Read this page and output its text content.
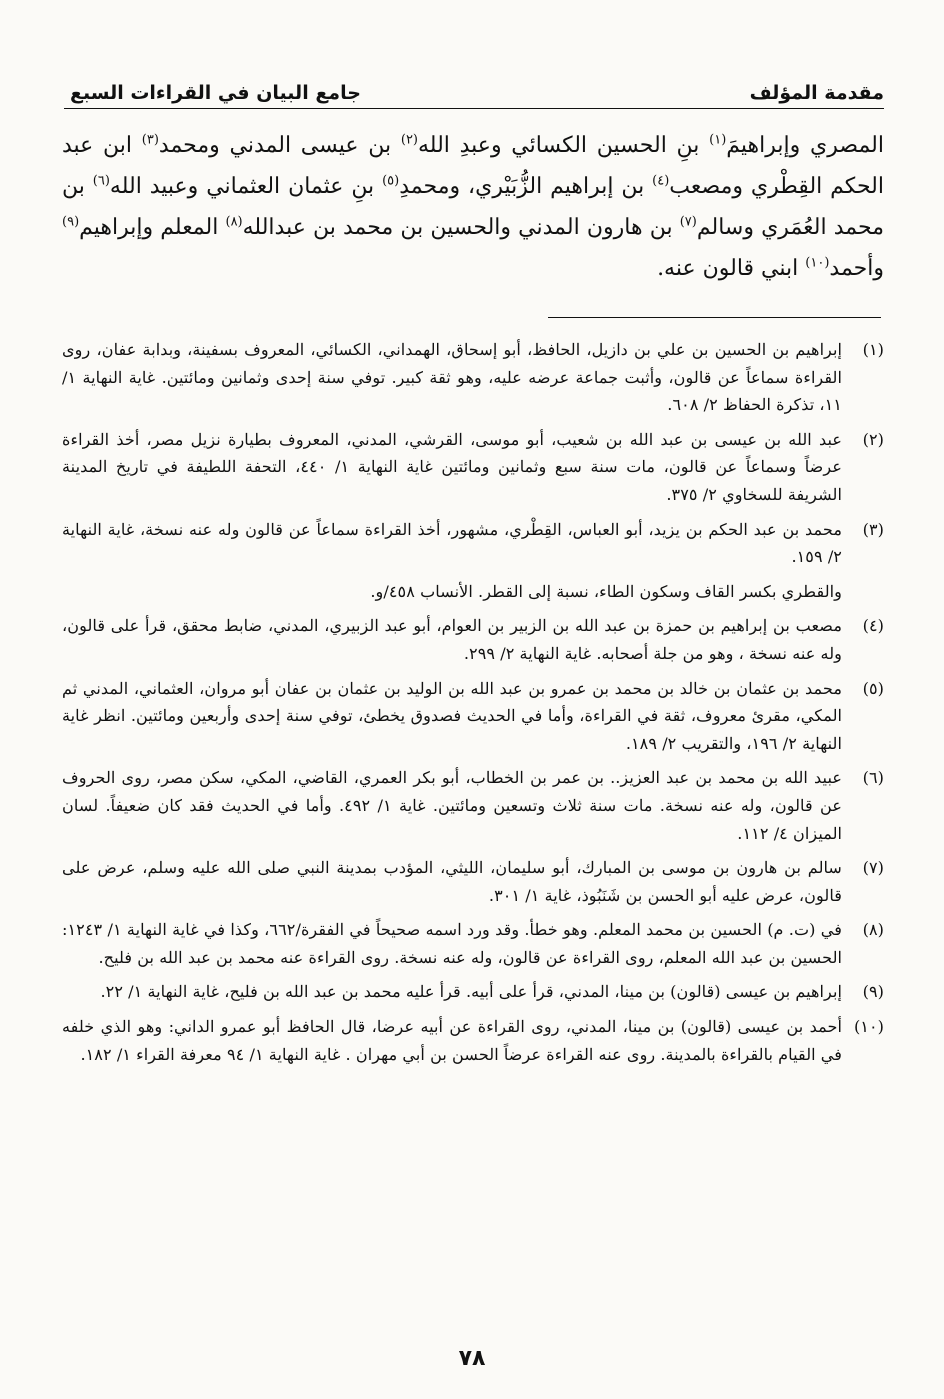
مقدمة المؤلف
جامع البيان في القراءات السبع
المصري وإبراهيمَ$^{(١)}$ بنِ الحسين الكسائي وعبدِ الله$^{(٢)}$ بن عيسى المدني ومحمد$^{(٣)}$ ابن عبد الحكم القِطْري ومصعب$^{(٤)}$ بن إبراهيم الزُّبَيْري، ومحمدِ$^{(٥)}$ بنِ عثمان العثماني وعبيد الله$^{(٦)}$ بن محمد العُمَري وسالم$^{(٧)}$ بن هارون المدني والحسين بن محمد بن عبدالله$^{(٨)}$ المعلم وإبراهيم$^{(٩)}$ وأحمد$^{(١٠)}$ ابني قالون عنه.
(١)
إبراهيم بن الحسين بن علي بن دازيل، الحافظ، أبو إسحاق، الهمداني، الكسائي، المعروف بسفينة، وبدابة عفان، روى القراءة سماعاً عن قالون، وأثبت جماعة عرضه عليه، وهو ثقة كبير. توفي سنة إحدى وثمانين ومائتين. غاية النهاية ١/ ١١، تذكرة الحفاظ ٢/ ٦٠٨.
(٢)
عبد الله بن عيسى بن عبد الله بن شعيب، أبو موسى، القرشي، المدني، المعروف بطيارة نزيل مصر، أخذ القراءة عرضاً وسماعاً عن قالون، مات سنة سبع وثمانين ومائتين غاية النهاية ١/ ٤٤٠، التحفة اللطيفة في تاريخ المدينة الشريفة للسخاوي ٢/ ٣٧٥.
(٣)
محمد بن عبد الحكم بن يزيد، أبو العباس، القِطْري، مشهور، أخذ القراءة سماعاً عن قالون وله عنه نسخة، غاية النهاية ٢/ ١٥٩.
والقطري بكسر القاف وسكون الطاء، نسبة إلى القطر. الأنساب ٤٥٨/و.
(٤)
مصعب بن إبراهيم بن حمزة بن عبد الله بن الزبير بن العوام، أبو عبد الزبيري، المدني، ضابط محقق، قرأ على قالون، وله عنه نسخة ، وهو من جلة أصحابه. غاية النهاية ٢/ ٢٩٩.
(٥)
محمد بن عثمان بن خالد بن محمد بن عمرو بن عبد الله بن الوليد بن عثمان بن عفان أبو مروان، العثماني، المدني ثم المكي، مقرئ معروف، ثقة في القراءة، وأما في الحديث فصدوق يخطئ، توفي سنة إحدى وأربعين ومائتين. انظر غاية النهاية ٢/ ١٩٦، والتقريب ٢/ ١٨٩.
(٦)
عبيد الله بن محمد بن عبد العزيز.. بن عمر بن الخطاب، أبو بكر العمري، القاضي، المكي، سكن مصر، روى الحروف عن قالون، وله عنه نسخة. مات سنة ثلاث وتسعين ومائتين. غاية ١/ ٤٩٢. وأما في الحديث فقد كان ضعيفاً. لسان الميزان ٤/ ١١٢.
(٧)
سالم بن هارون بن موسى بن المبارك، أبو سليمان، الليثي، المؤدب بمدينة النبي صلى الله عليه وسلم، عرض على قالون، عرض عليه أبو الحسن بن شَنَبُوذ، غاية ١/ ٣٠١.
(٨)
في (ت. م) الحسين بن محمد المعلم. وهو خطأ. وقد ورد اسمه صحيحاً في الفقرة/٦٦٢، وكذا في غاية النهاية ١/ ١٢٤٣: الحسين بن عبد الله المعلم، روى القراءة عن قالون، وله عنه نسخة. روى القراءة عنه محمد بن عبد الله بن فليح.
(٩)
إبراهيم بن عيسى (قالون) بن مينا، المدني، قرأ على أبيه. قرأ عليه محمد بن عبد الله بن فليح، غاية النهاية ١/ ٢٢.
(١٠)
أحمد بن عيسى (قالون) بن مينا، المدني، روى القراءة عن أبيه عرضا، قال الحافظ أبو عمرو الداني: وهو الذي خلفه في القيام بالقراءة بالمدينة. روى عنه القراءة عرضاً الحسن بن أبي مهران . غاية النهاية ١/ ٩٤ معرفة القراء ١/ ١٨٢.
٧٨
